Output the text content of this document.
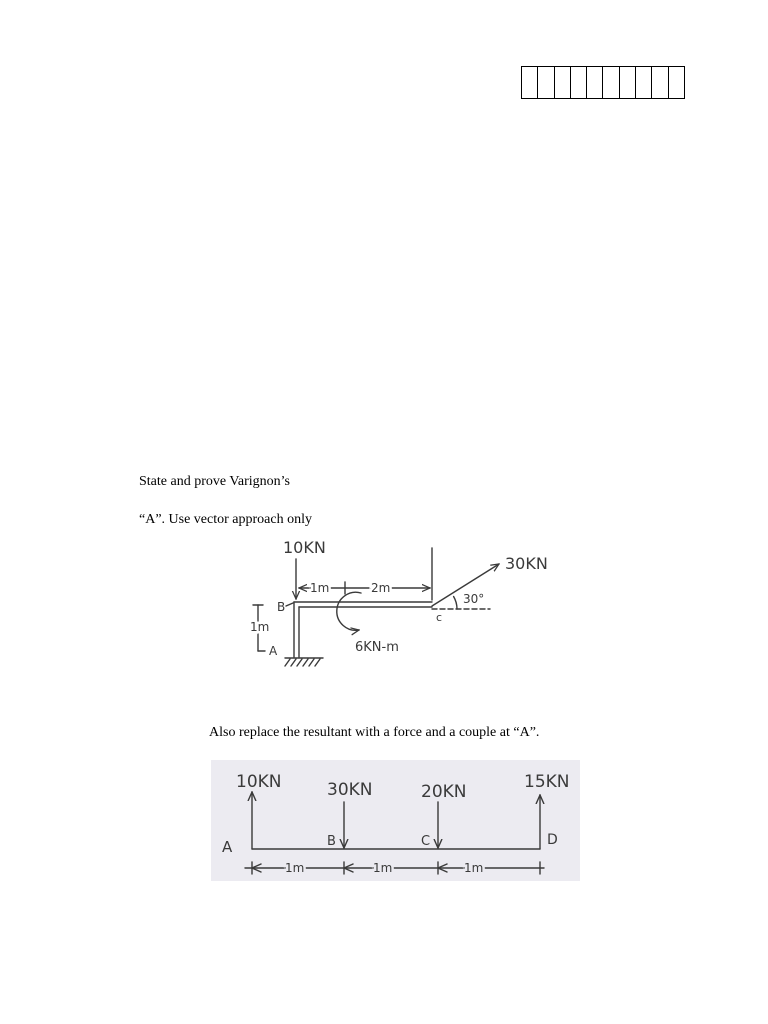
State and prove Varignon’s
“A”. Use vector approach only
10KN
1m	2m
6KN-m
30KN
30°
c
B
1m
A
Also replace the resultant with a force and a couple at “A”.
10KN
A
30KN
B
20KN
C
15KN
D
1m	1m	1m
